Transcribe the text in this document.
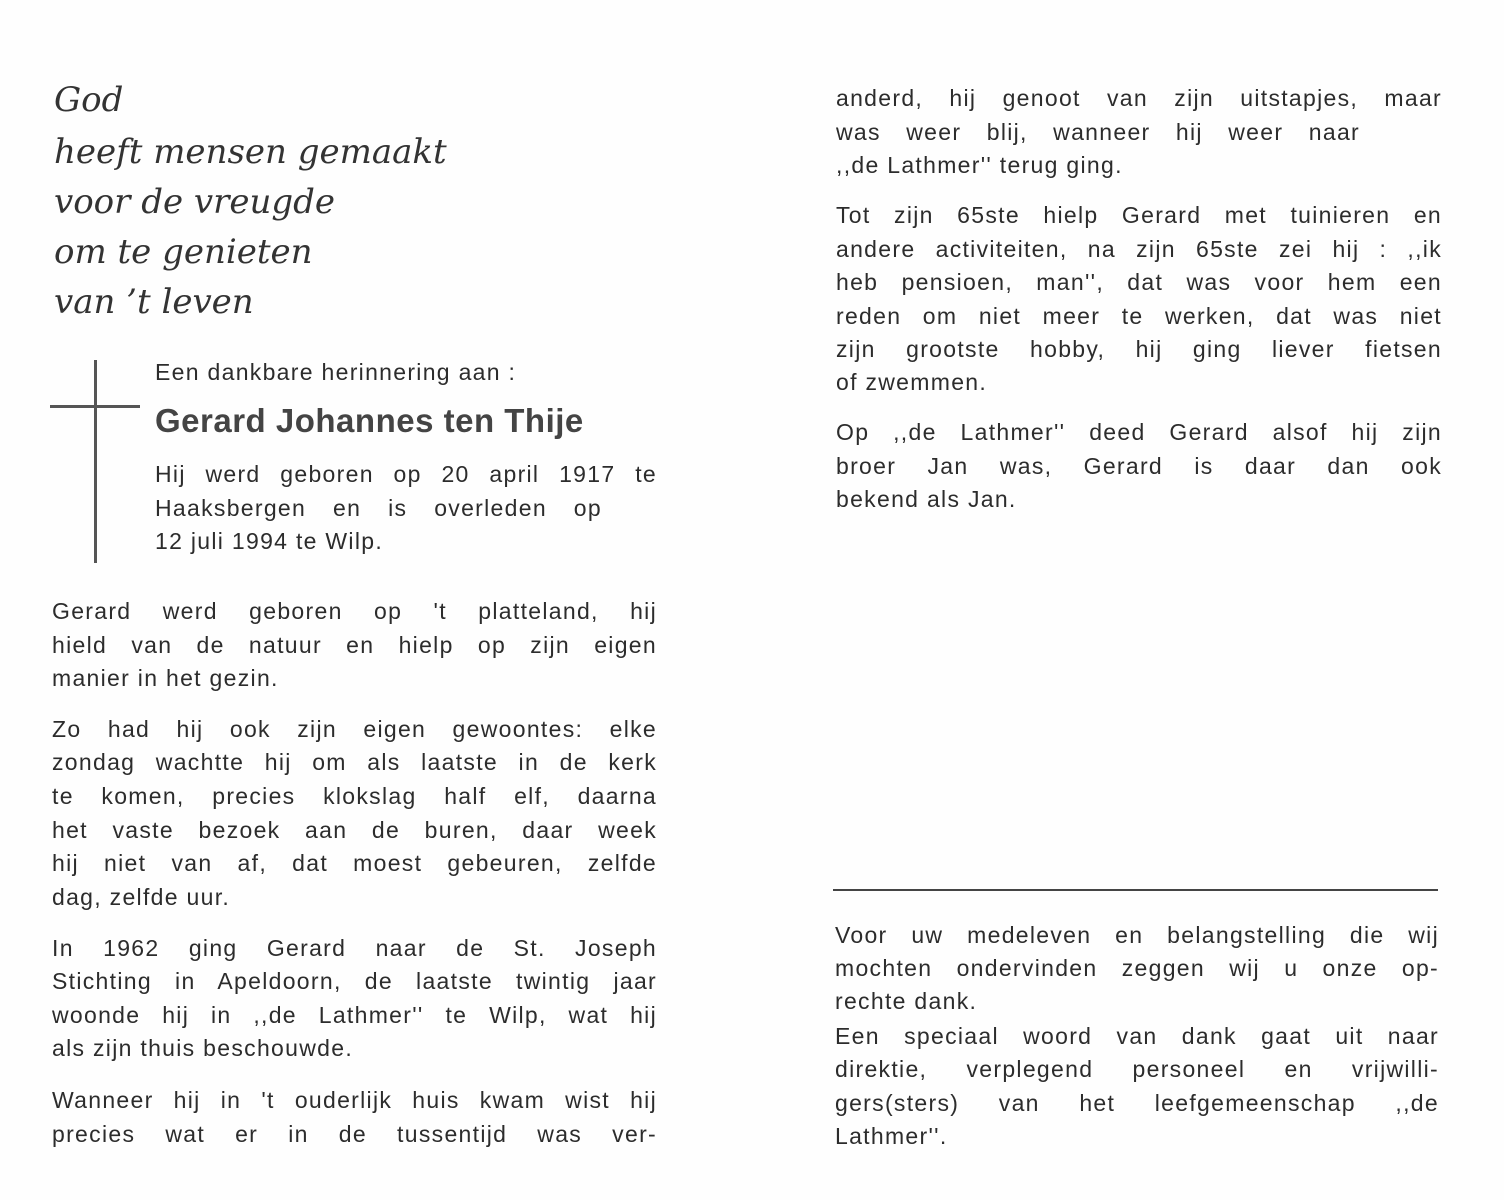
God
heeft mensen gemaakt
voor de vreugde
om te genieten
van ’t leven
Een dankbare herinnering aan :
Gerard Johannes ten Thije
Hij werd geboren op 20 april 1917 te
Haaksbergen en is overleden op
12 juli 1994 te Wilp.
Gerard werd geboren op 't platteland, hij
hield van de natuur en hielp op zijn eigen
manier in het gezin.
Zo had hij ook zijn eigen gewoontes: elke
zondag wachtte hij om als laatste in de kerk
te komen, precies klokslag half elf, daarna
het vaste bezoek aan de buren, daar week
hij niet van af, dat moest gebeuren, zelfde
dag, zelfde uur.
In 1962 ging Gerard naar de St. Joseph
Stichting in Apeldoorn, de laatste twintig jaar
woonde hij in ,,de Lathmer'' te Wilp, wat hij
als zijn thuis beschouwde.
Wanneer hij in 't ouderlijk huis kwam wist hij
precies wat er in de tussentijd was ver-
anderd, hij genoot van zijn uitstapjes, maar
was weer blij, wanneer hij weer naar
,,de Lathmer'' terug ging.
Tot zijn 65ste hielp Gerard met tuinieren en
andere activiteiten, na zijn 65ste zei hij : ,,ik
heb pensioen, man'', dat was voor hem een
reden om niet meer te werken, dat was niet
zijn grootste hobby, hij ging liever fietsen
of zwemmen.
Op ,,de Lathmer'' deed Gerard alsof hij zijn
broer Jan was, Gerard is daar dan ook
bekend als Jan.
Voor uw medeleven en belangstelling die wij
mochten ondervinden zeggen wij u onze op-
rechte dank.
Een speciaal woord van dank gaat uit naar
direktie, verplegend personeel en vrijwilli-
gers(sters) van het leefgemeenschap ,,de
Lathmer''.
